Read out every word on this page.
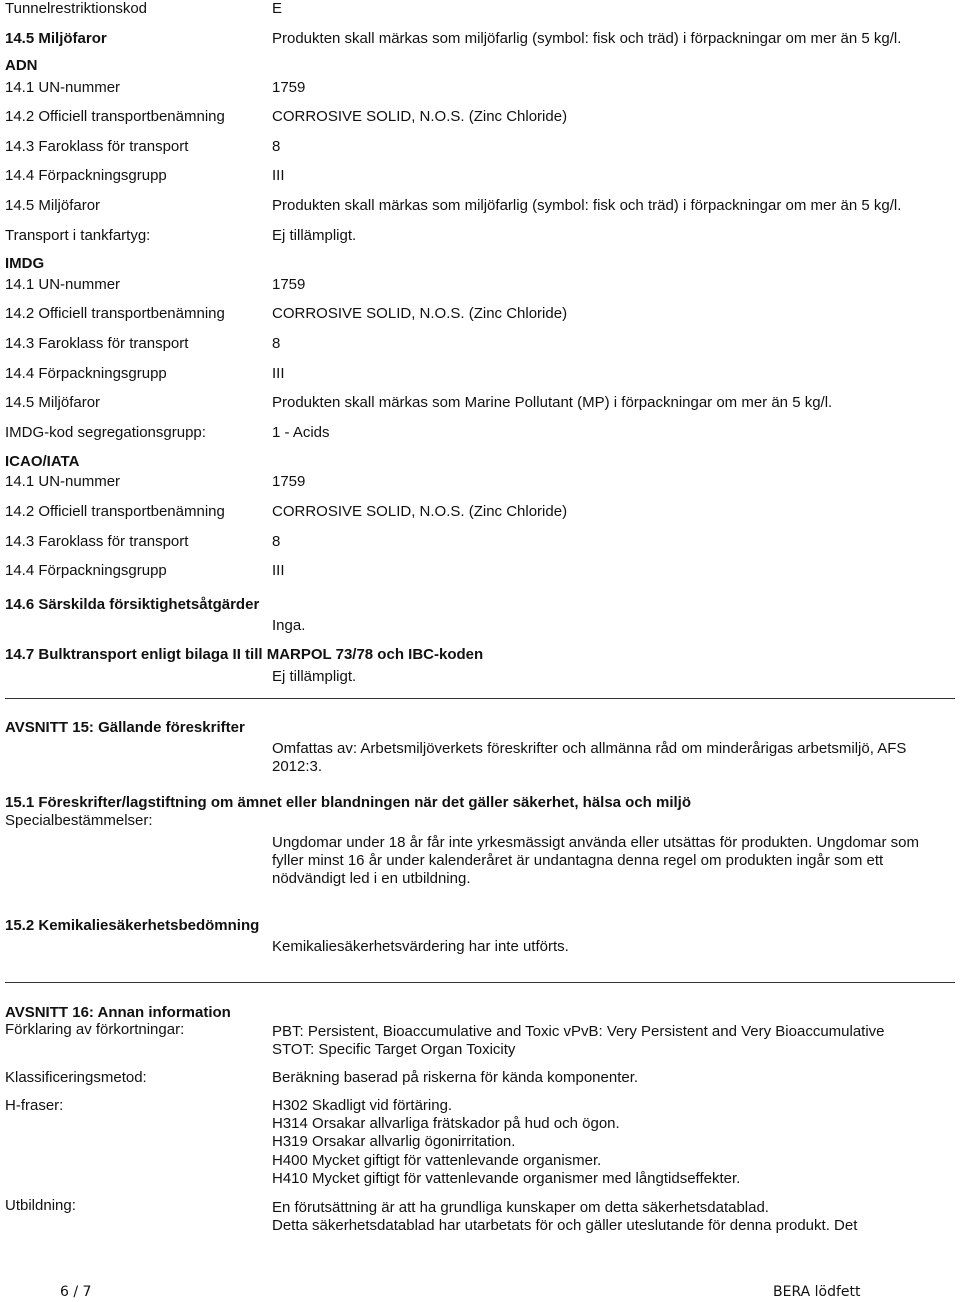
Tunnelrestriktionskod	E
14.5 Miljöfaror	Produkten skall märkas som miljöfarlig (symbol: fisk och träd) i förpackningar om mer än 5 kg/l.
ADN
14.1 UN-nummer	1759
14.2 Officiell transportbenämning	CORROSIVE SOLID, N.O.S. (Zinc Chloride)
14.3 Faroklass för transport	8
14.4 Förpackningsgrupp	III
14.5 Miljöfaror	Produkten skall märkas som miljöfarlig (symbol: fisk och träd) i förpackningar om mer än 5 kg/l.
Transport i tankfartyg:	Ej tillämpligt.
IMDG
14.1 UN-nummer	1759
14.2 Officiell transportbenämning	CORROSIVE SOLID, N.O.S. (Zinc Chloride)
14.3 Faroklass för transport	8
14.4 Förpackningsgrupp	III
14.5 Miljöfaror	Produkten skall märkas som Marine Pollutant (MP) i förpackningar om mer än 5 kg/l.
IMDG-kod segregationsgrupp:	1 - Acids
ICAO/IATA
14.1 UN-nummer	1759
14.2 Officiell transportbenämning	CORROSIVE SOLID, N.O.S. (Zinc Chloride)
14.3 Faroklass för transport	8
14.4 Förpackningsgrupp	III
14.6 Särskilda försiktighetsåtgärder
Inga.
14.7 Bulktransport enligt bilaga II till MARPOL 73/78 och IBC-koden
Ej tillämpligt.
AVSNITT 15: Gällande föreskrifter
Omfattas av: Arbetsmiljöverkets föreskrifter och allmänna råd om minderårigas arbetsmiljö, AFS 2012:3.
15.1 Föreskrifter/lagstiftning om ämnet eller blandningen när det gäller säkerhet, hälsa och miljö
Specialbestämmelser:
Ungdomar under 18 år får inte yrkesmässigt använda eller utsättas för produkten. Ungdomar som fyller minst 16 år under kalenderåret är undantagna denna regel om produkten ingår som ett nödvändigt led i en utbildning.
15.2 Kemikaliesäkerhetsbedömning
Kemikaliesäkerhetsvärdering har inte utförts.
AVSNITT 16: Annan information
Förklaring av förkortningar:	PBT: Persistent, Bioaccumulative and Toxic vPvB: Very Persistent and Very Bioaccumulative
STOT: Specific Target Organ Toxicity
Klassificeringsmetod:	Beräkning baserad på riskerna för kända komponenter.
H-fraser:	H302 Skadligt vid förtäring.
H314 Orsakar allvarliga frätskador på hud och ögon.
H319 Orsakar allvarlig ögonirritation.
H400 Mycket giftigt för vattenlevande organismer.
H410 Mycket giftigt för vattenlevande organismer med långtidseffekter.
Utbildning:	En förutsättning är att ha grundliga kunskaper om detta säkerhetsdatablad.
Detta säkerhetsdatablad har utarbetats för och gäller uteslutande för denna produkt. Det
6 / 7	BERA lödfett
